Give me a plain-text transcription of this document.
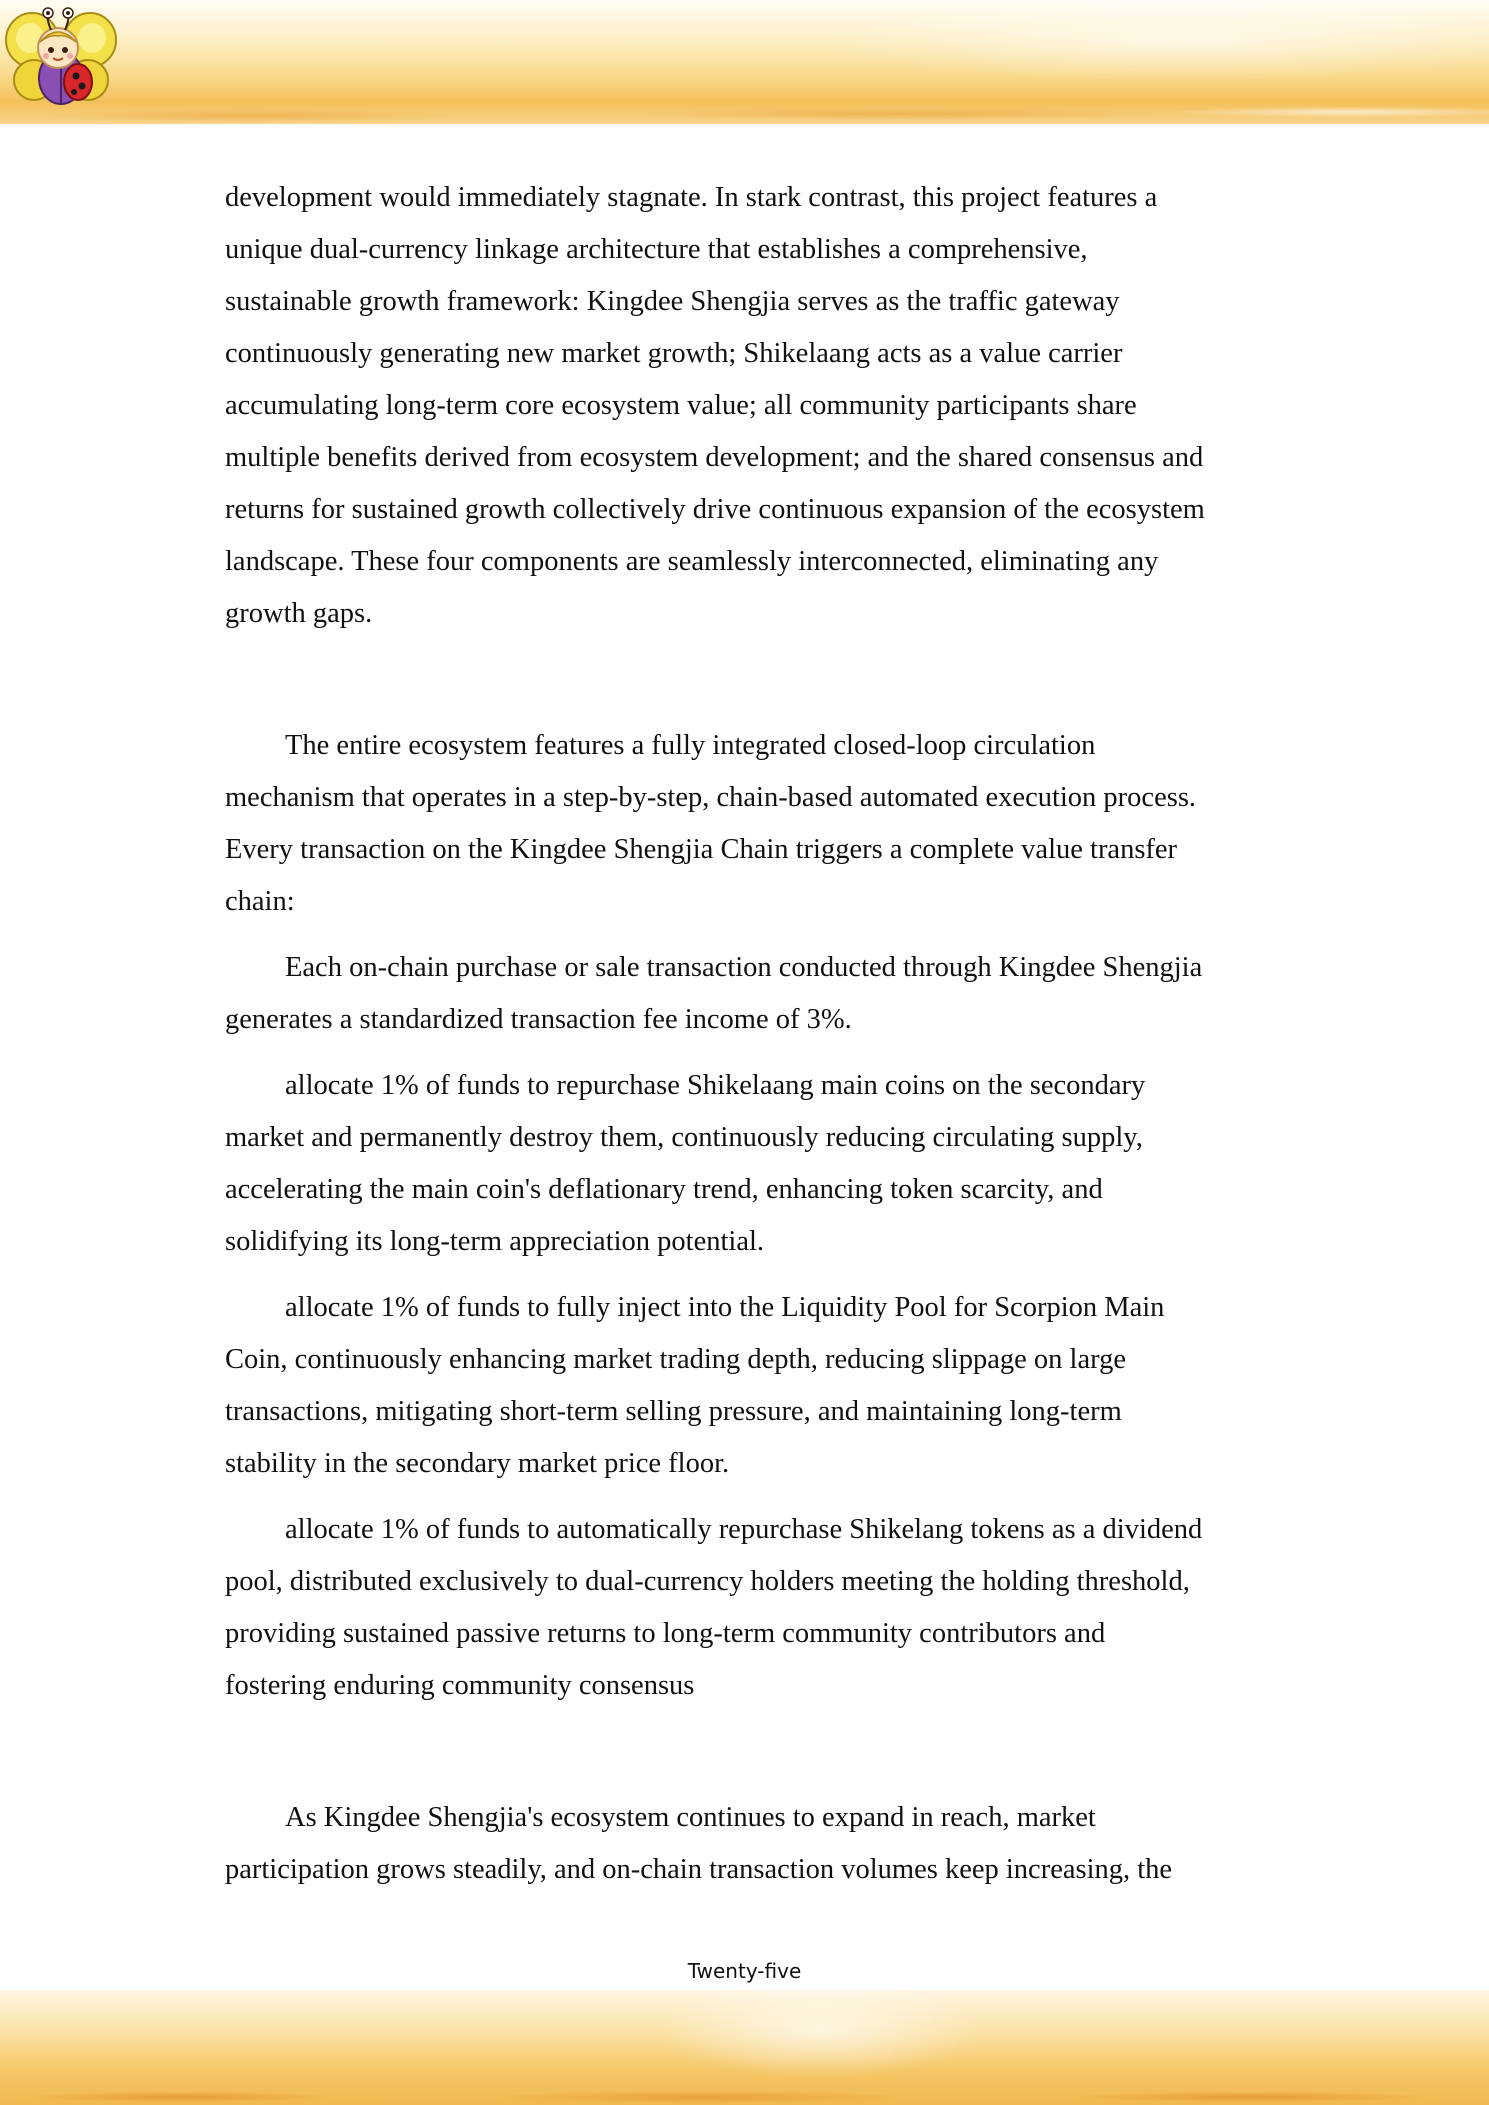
development would immediately stagnate. In stark contrast, this project features a
unique dual-currency linkage architecture that establishes a comprehensive,
sustainable growth framework: Kingdee Shengjia serves as the traffic gateway
continuously generating new market growth; Shikelaang acts as a value carrier
accumulating long-term core ecosystem value; all community participants share
multiple benefits derived from ecosystem development; and the shared consensus and
returns for sustained growth collectively drive continuous expansion of the ecosystem
landscape. These four components are seamlessly interconnected, eliminating any
growth gaps.

The entire ecosystem features a fully integrated closed-loop circulation
mechanism that operates in a step-by-step, chain-based automated execution process.
Every transaction on the Kingdee Shengjia Chain triggers a complete value transfer
chain:

Each on-chain purchase or sale transaction conducted through Kingdee Shengjia
generates a standardized transaction fee income of 3%.

allocate 1% of funds to repurchase Shikelaang main coins on the secondary
market and permanently destroy them, continuously reducing circulating supply,
accelerating the main coin's deflationary trend, enhancing token scarcity, and
solidifying its long-term appreciation potential.

allocate 1% of funds to fully inject into the Liquidity Pool for Scorpion Main
Coin, continuously enhancing market trading depth, reducing slippage on large
transactions, mitigating short-term selling pressure, and maintaining long-term
stability in the secondary market price floor.

allocate 1% of funds to automatically repurchase Shikelang tokens as a dividend
pool, distributed exclusively to dual-currency holders meeting the holding threshold,
providing sustained passive returns to long-term community contributors and
fostering enduring community consensus

As Kingdee Shengjia's ecosystem continues to expand in reach, market
participation grows steadily, and on-chain transaction volumes keep increasing, the

Twenty-five
